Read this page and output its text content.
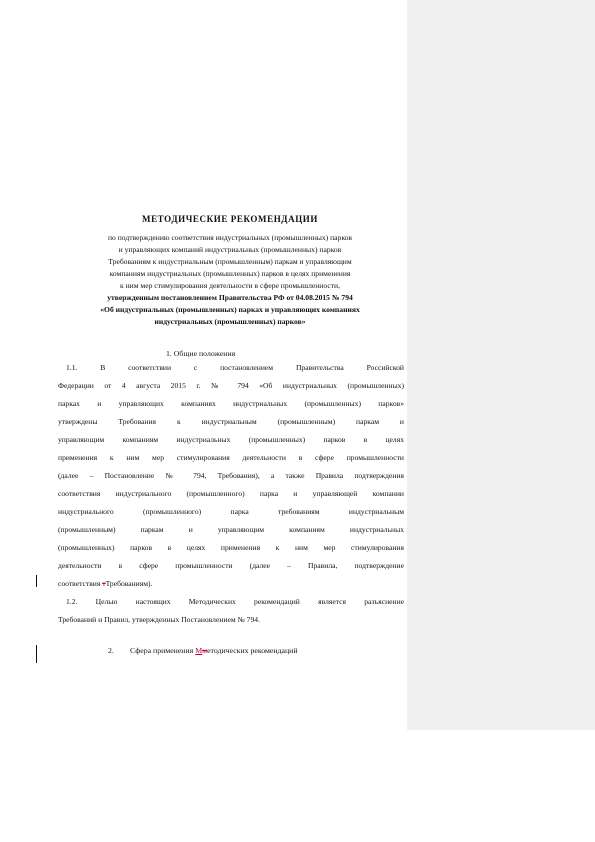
МЕТОДИЧЕСКИЕ РЕКОМЕНДАЦИИ
по подтверждению соответствия индустриальных (промышленных) парков
и управляющих компаний индустриальных (промышленных) парков
Требованиям к индустриальным (промышленным) паркам и управляющим
компаниям индустриальных (промышленных) парков в целях применения
к ним мер стимулирования деятельности в сфере промышленности,
утвержденным постановлением Правительства РФ от 04.08.2015 № 794
«Об индустриальных (промышленных) парках и управляющих компаниях
индустриальных (промышленных) парков»
1. Общие положения
1.1. В соответствии с постановлением Правительства Российской
Федерации от 4 августа 2015 г. № 794 «Об индустриальных (промышленных)
парках и управляющих компаниях индустриальных (промышленных) парков»
утверждены Требования к индустриальным (промышленным) паркам и
управляющим компаниям индустриальных (промышленных) парков в целях
применения к ним мер стимулирования деятельности в сфере промышленности
(далее – Постановление № 794, Требования), а также Правила подтверждения
соответствия индустриального (промышленного) парка и управляющей компании
индустриального (промышленного) парка требованиям индустриальным
(промышленным) паркам и управляющим компаниям индустриальных
(промышленных) парков в целях применения к ним мер стимулирования
деятельности в сфере промышленности (далее – Правила, подтверждение
соответствия тТребованиям).
1.2. Целью настоящих Методических рекомендаций является разъяснение
Требований и Правил, утвержденных Постановлением № 794.
2. Сфера применения Мметодических рекомендаций
